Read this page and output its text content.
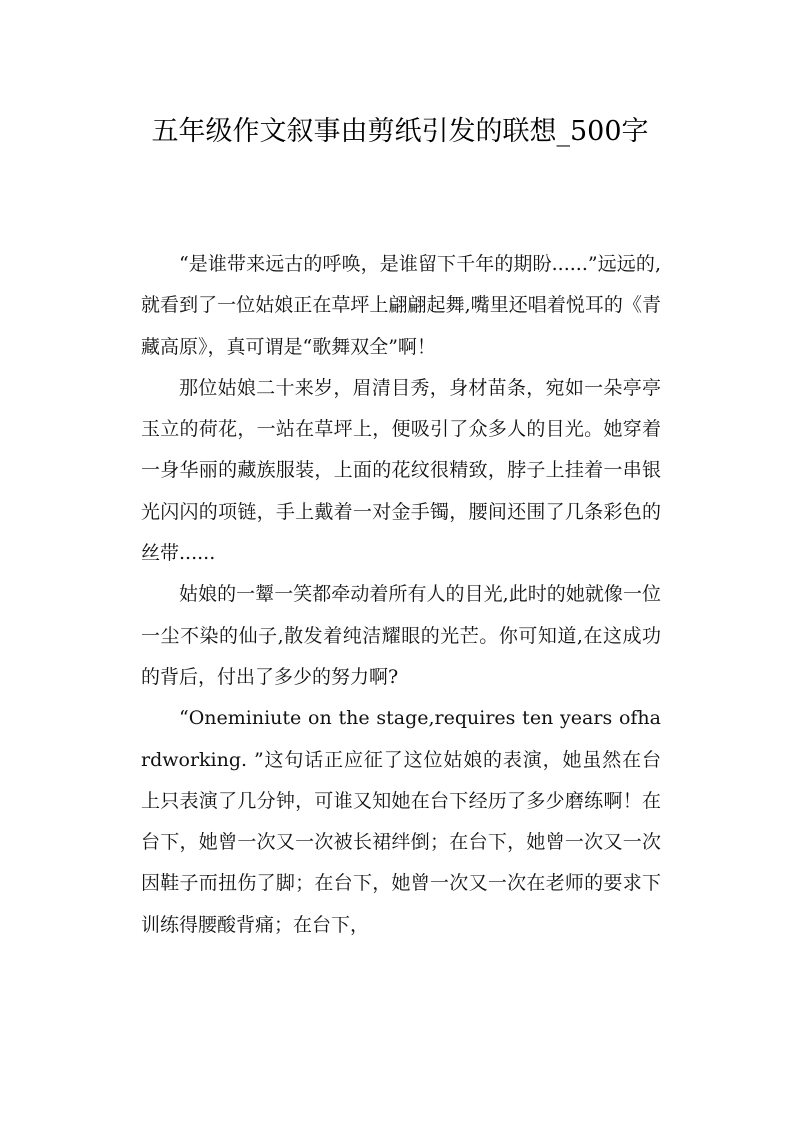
五年级作文叙事由剪纸引发的联想_500字

“是谁带来远古的呼唤，是谁留下千年的期盼......”远远的,就看到了一位姑娘正在草坪上翩翩起舞,嘴里还唱着悦耳的《青藏高原》，真可谓是“歌舞双全”啊！

那位姑娘二十来岁，眉清目秀，身材苗条，宛如一朵亭亭玉立的荷花，一站在草坪上，便吸引了众多人的目光。她穿着一身华丽的藏族服装，上面的花纹很精致，脖子上挂着一串银光闪闪的项链，手上戴着一对金手镯，腰间还围了几条彩色的丝带......

姑娘的一颦一笑都牵动着所有人的目光,此时的她就像一位一尘不染的仙子,散发着纯洁耀眼的光芒。你可知道,在这成功的背后，付出了多少的努力啊?

“Oneminiute on the stage,requires ten years ofhardworking. ”这句话正应征了这位姑娘的表演，她虽然在台上只表演了几分钟，可谁又知她在台下经历了多少磨练啊！在台下，她曾一次又一次被长裙绊倒；在台下，她曾一次又一次因鞋子而扭伤了脚；在台下，她曾一次又一次在老师的要求下训练得腰酸背痛；在台下，
